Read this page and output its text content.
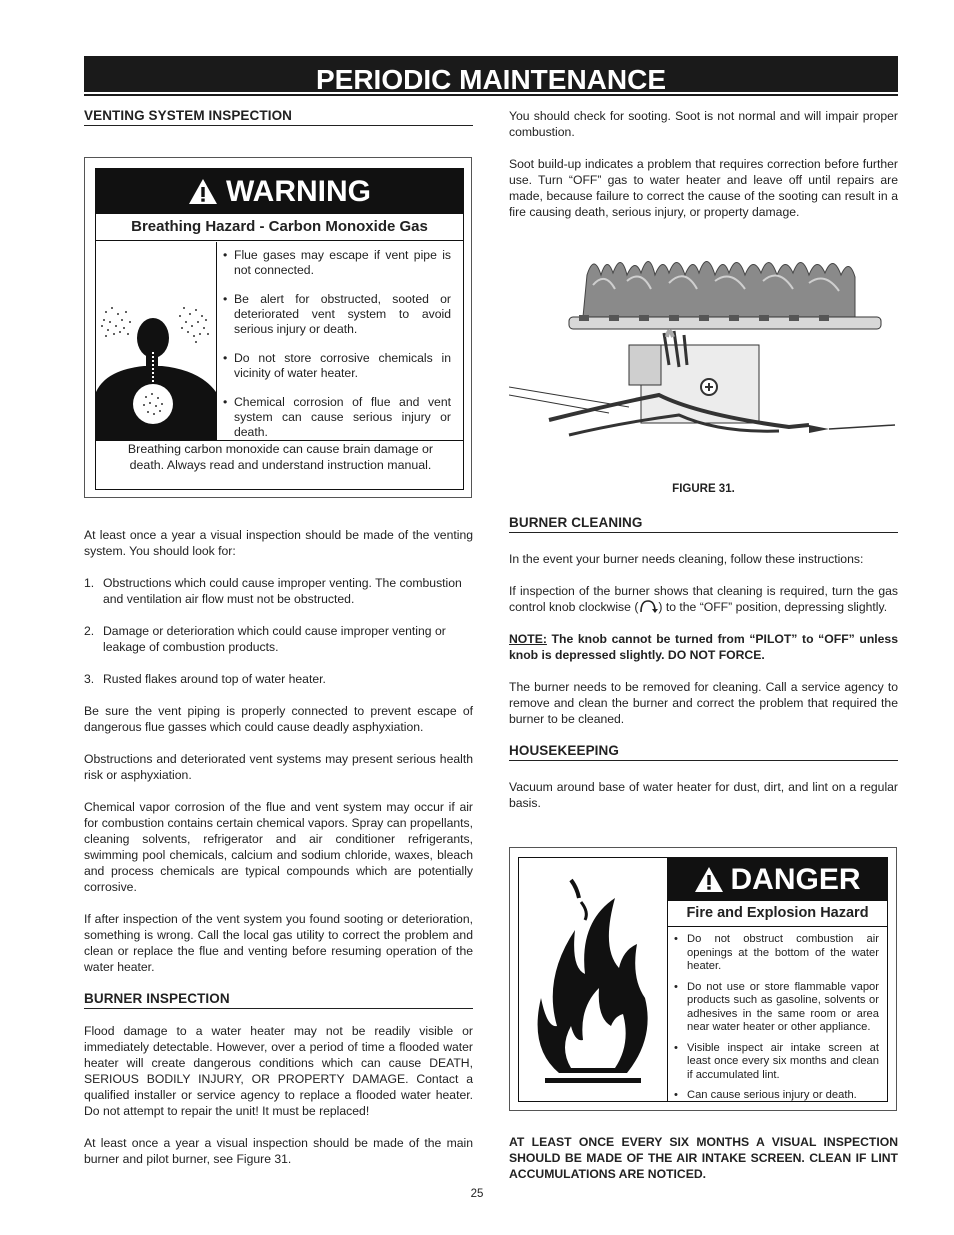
PERIODIC MAINTENANCE
VENTING SYSTEM INSPECTION
WARNING
Breathing Hazard - Carbon Monoxide Gas
• Flue gases may escape if vent pipe is not connected.
• Be alert for obstructed, sooted or deteriorated vent system to avoid serious injury or death.
• Do not store corrosive chemicals in vicinity of water heater.
• Chemical corrosion of flue and vent system can cause serious injury or death.
Breathing carbon monoxide can cause brain damage or death. Always read and understand instruction manual.

At least once a year a visual inspection should be made of the venting system. You should look for:

1. Obstructions which could cause improper venting. The combustion and ventilation air flow must not be obstructed.
2. Damage or deterioration which could cause improper venting or leakage of combustion products.
3. Rusted flakes around top of water heater.

Be sure the vent piping is properly connected to prevent escape of dangerous flue gasses which could cause deadly asphyxiation.

Obstructions and deteriorated vent systems may present serious health risk or asphyxiation.

Chemical vapor corrosion of the flue and vent system may occur if air for combustion contains certain chemical vapors. Spray can propellants, cleaning solvents, refrigerator and air conditioner refrigerants, swimming pool chemicals, calcium and sodium chloride, waxes, bleach and process chemicals are typical compounds which are potentially corrosive.

If after inspection of the vent system you found sooting or deterioration, something is wrong. Call the local gas utility to correct the problem and clean or replace the flue and venting before resuming operation of the water heater.

BURNER INSPECTION

Flood damage to a water heater may not be readily visible or immediately detectable. However, over a period of time a flooded water heater will create dangerous conditions which can cause DEATH, SERIOUS BODILY INJURY, OR PROPERTY DAMAGE. Contact a qualified installer or service agency to replace a flooded water heater. Do not attempt to repair the unit! It must be replaced!

At least once a year a visual inspection should be made of the main burner and pilot burner, see Figure 31.

You should check for sooting. Soot is not normal and will impair proper combustion.

Soot build-up indicates a problem that requires correction before further use. Turn “OFF” gas to water heater and leave off until repairs are made, because failure to correct the cause of the sooting can result in a fire causing death, serious injury, or property damage.

FIGURE 31.
BURNER CLEANING

In the event your burner needs cleaning, follow these instructions:

If inspection of the burner shows that cleaning is required, turn the gas control knob clockwise ( ) to the “OFF” position, depressing slightly.

NOTE: The knob cannot be turned from “PILOT” to “OFF” unless knob is depressed slightly. DO NOT FORCE.

The burner needs to be removed for cleaning. Call a service agency to remove and clean the burner and correct the problem that required the burner to be cleaned.

HOUSEKEEPING

Vacuum around base of water heater for dust, dirt, and lint on a regular basis.

DANGER
Fire and Explosion Hazard
• Do not obstruct combustion air openings at the bottom of the water heater.
• Do not use or store flammable vapor products such as gasoline, solvents or adhesives in the same room or area near water heater or other appliance.
• Visible inspect air intake screen at least once every six months and clean if accumulated lint.
• Can cause serious injury or death.

AT LEAST ONCE EVERY SIX MONTHS A VISUAL INSPECTION SHOULD BE MADE OF THE AIR INTAKE SCREEN. CLEAN IF LINT ACCUMULATIONS ARE NOTICED.

25
